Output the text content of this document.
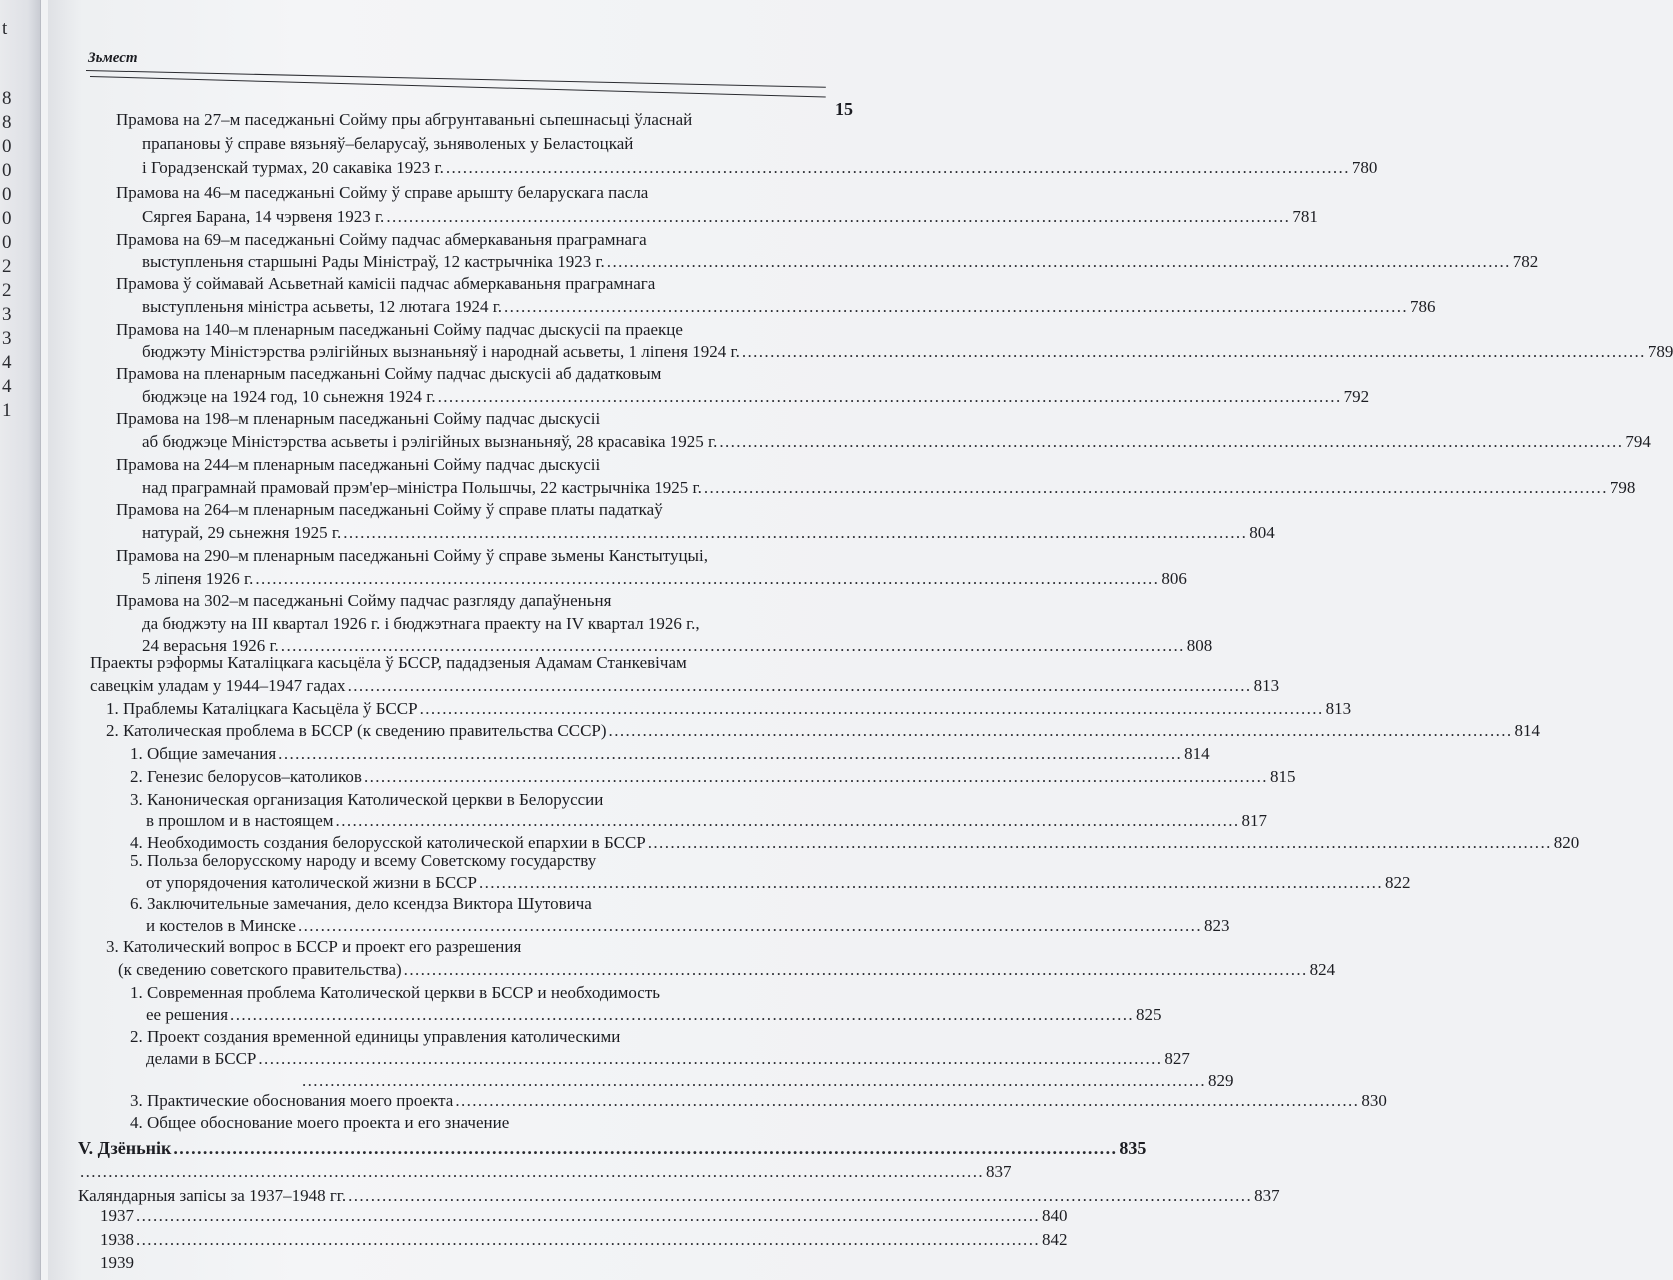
t
8
8
0
0
0
0
0
2
2
3
3
4
4
1
Зьмест
15
Прамова на 27–м паседжаньні Сойму пры абгрунтаваньні сьпешнасьці ўласнай
прапановы ў справе вязьняў–беларусаў, зьняволеных у Беластоцкай
і Горадзенскай турмах, 20 сакавіка 1923 г. ................................................................................................................................................................ 780
Прамова на 46–м паседжаньні Сойму ў справе арыштy беларускага пасла
Сяргея Барана, 14 чэрвеня 1923 г. ................................................................................................................................................................ 781
Прамова на 69–м паседжаньні Сойму падчас абмеркаваньня праграмнага
выступленьня старшыні Рады Міністраў, 12 кастрычніка 1923 г. ................................................................................................................................................................ 782
Прамова ў соймавай Асьветнай камісіі падчас абмеркаваньня праграмнага
выступленьня міністра асьветы, 12 лютага 1924 г. ................................................................................................................................................................ 786
Прамова на 140–м пленарным паседжаньні Сойму падчас дыскусіі па праекце
бюджэту Міністэрства рэлігійных вызнаньняў і народнай асьветы, 1 ліпеня 1924 г. ................................................................................................................................................................ 789
Прамова на пленарным паседжаньні Сойму падчас дыскусіі аб дадатковым
бюджэце на 1924 год, 10 сьнежня 1924 г. ................................................................................................................................................................ 792
Прамова на 198–м пленарным паседжаньні Сойму падчас дыскусіі
аб бюджэце Міністэрства асьветы і рэлігійных вызнаньняў, 28 красавіка 1925 г. ................................................................................................................................................................ 794
Прамова на 244–м пленарным паседжаньні Сойму падчас дыскусіі
над праграмнай прамовай прэм'ер–міністра Польшчы, 22 кастрычніка 1925 г. ................................................................................................................................................................ 798
Прамова на 264–м пленарным паседжаньні Сойму ў справе платы падаткаў
натурай, 29 сьнежня 1925 г. ................................................................................................................................................................ 804
Прамова на 290–м пленарным паседжаньні Сойму ў справе зьмены Канстытуцыі,
5 ліпеня 1926 г. ................................................................................................................................................................ 806
Прамова на 302–м паседжаньні Сойму падчас разгляду дапаўненьня
да бюджэту на III квартал 1926 г. і бюджэтнага праекту на IV квартал 1926 г.,
24 верасьня 1926 г. ................................................................................................................................................................ 808
Праекты рэформы Каталіцкага касьцёла ў БССР, пададзеныя Адамам Станкевічам
савецкім уладам у 1944–1947 гадах ................................................................................................................................................................ 813
1. Праблемы Каталіцкага Касьцёла ў БССР ................................................................................................................................................................ 813
2. Католическая проблема в БССР (к сведению правительства СССР) ................................................................................................................................................................ 814
1. Общие замечания ................................................................................................................................................................ 814
2. Генезис белорусов–католиков ................................................................................................................................................................ 815
3. Каноническая организация Католической церкви в Белоруссии
в прошлом и в настоящем ................................................................................................................................................................ 817
4. Необходимость создания белорусской католической епархии в БССР ................................................................................................................................................................ 820
5. Польза белорусскому народу и всему Советскому государству
от упорядочения католической жизни в БССР ................................................................................................................................................................ 822
6. Заключительные замечания, дело ксендза Виктора Шутовича
и костелов в Минске ................................................................................................................................................................ 823
3. Католический вопрос в БССР и проект его разрешения
(к сведению советского правительства) ................................................................................................................................................................ 824
1. Современная проблема Католической церкви в БССР и необходимость
ее решения ................................................................................................................................................................ 825
2. Проект создания временной единицы управления католическими
делами в БССР ................................................................................................................................................................ 827
................................................................................................................................................................ 829
3. Практические обоснования моего проекта ................................................................................................................................................................ 830
4. Общее обоснование моего проекта и его значение
V. Дзёньнік ................................................................................................................................................................ 835
................................................................................................................................................................ 837
Каляндарныя запісы за 1937–1948 гг. ................................................................................................................................................................ 837
1937 ................................................................................................................................................................ 840
1938 ................................................................................................................................................................ 842
1939
